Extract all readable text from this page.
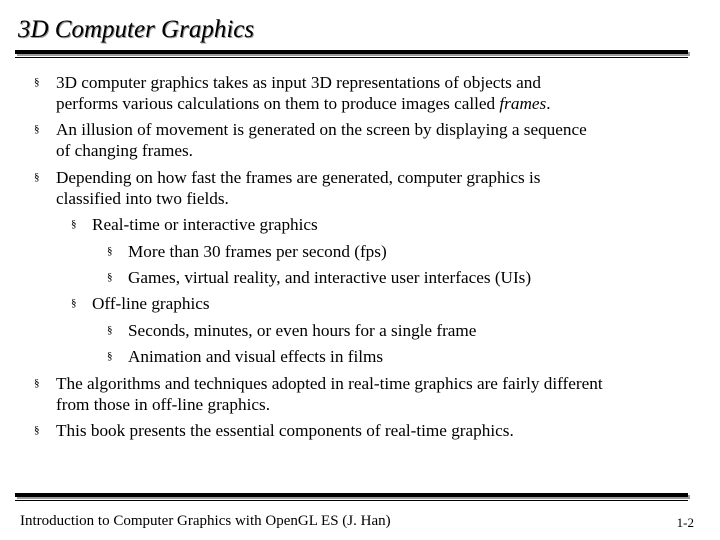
3D Computer Graphics
§ 3D computer graphics takes as input 3D representations of objects and
performs various calculations on them to produce images called frames.
§ An illusion of movement is generated on the screen by displaying a sequence
of changing frames.
§ Depending on how fast the frames are generated, computer graphics is
classified into two fields.
§ Real-time or interactive graphics
§ More than 30 frames per second (fps)
§ Games, virtual reality, and interactive user interfaces (UIs)
§ Off-line graphics
§ Seconds, minutes, or even hours for a single frame
§ Animation and visual effects in films
§ The algorithms and techniques adopted in real-time graphics are fairly different
from those in off-line graphics.
§ This book presents the essential components of real-time graphics.
Introduction to Computer Graphics with OpenGL ES (J. Han)	1-2
